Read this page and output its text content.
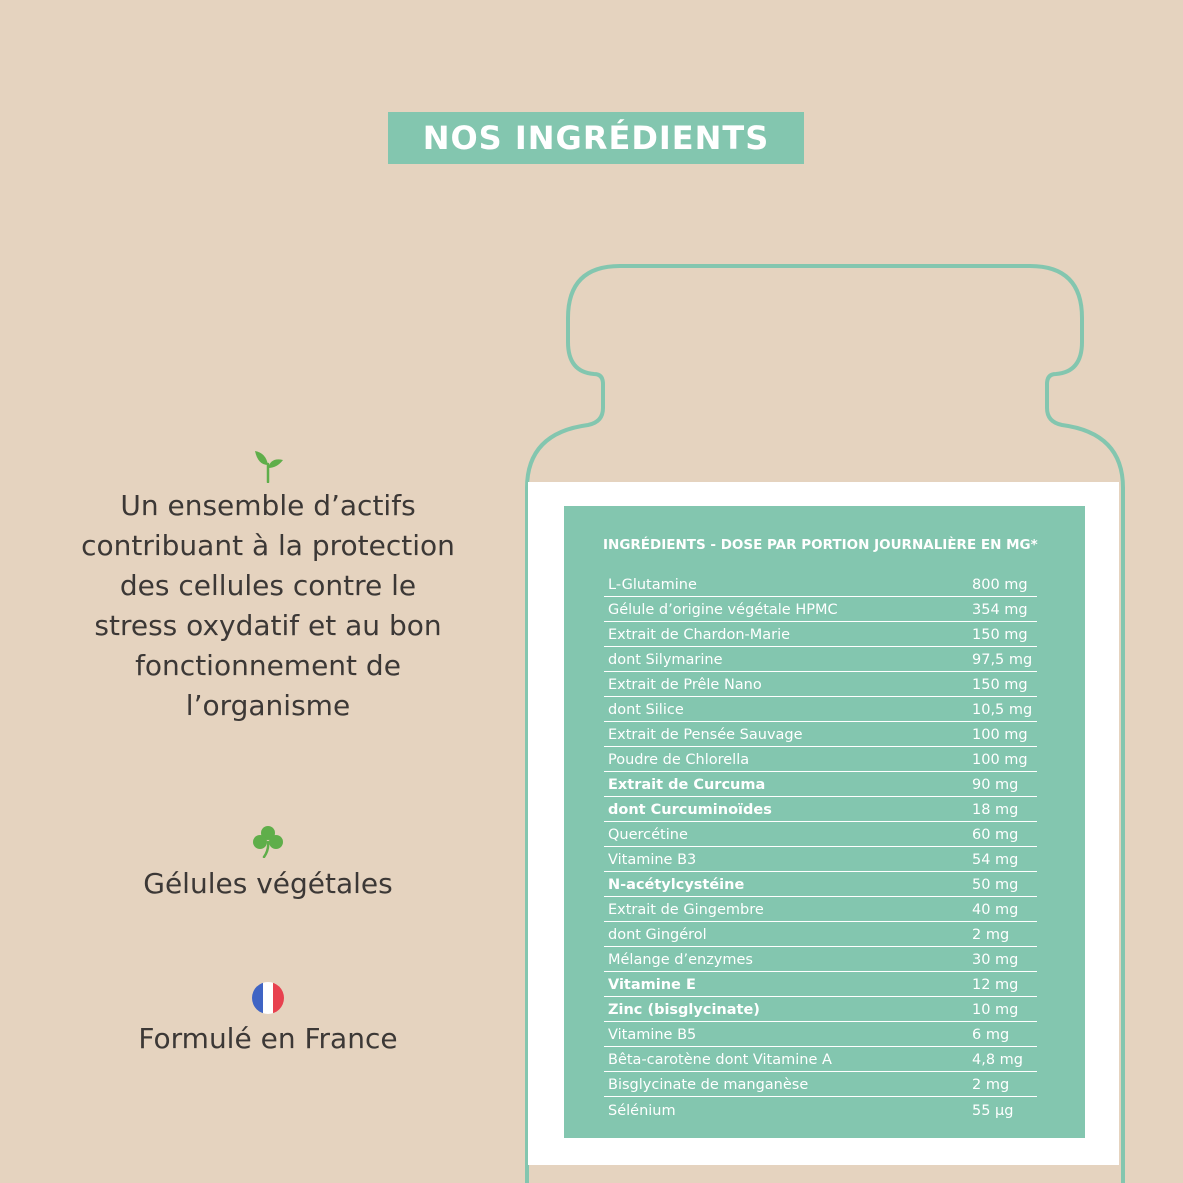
NOS INGRÉDIENTS
INGRÉDIENTS - DOSE PAR PORTION JOURNALIÈRE EN MG*
L-Glutamine	800 mg
Gélule d’origine végétale HPMC	354 mg
Extrait de Chardon-Marie	150 mg
dont Silymarine	97,5 mg
Extrait de Prêle Nano	150 mg
dont Silice	10,5 mg
Extrait de Pensée Sauvage	100 mg
Poudre de Chlorella	100 mg
Extrait de Curcuma	90 mg
dont Curcuminoïdes	18 mg
Quercétine	60 mg
Vitamine B3	54 mg
N-acétylcystéine	50 mg
Extrait de Gingembre	40 mg
dont Gingérol	2 mg
Mélange d’enzymes	30 mg
Vitamine E	12 mg
Zinc (bisglycinate)	10 mg
Vitamine B5	6 mg
Bêta-carotène dont Vitamine A	4,8 mg
Bisglycinate de manganèse	2 mg
Sélénium	55 µg
Un ensemble d’actifs
contribuant à la protection
des cellules contre le
stress oxydatif et au bon
fonctionnement de
l’organisme
Gélules végétales
Formulé en France
